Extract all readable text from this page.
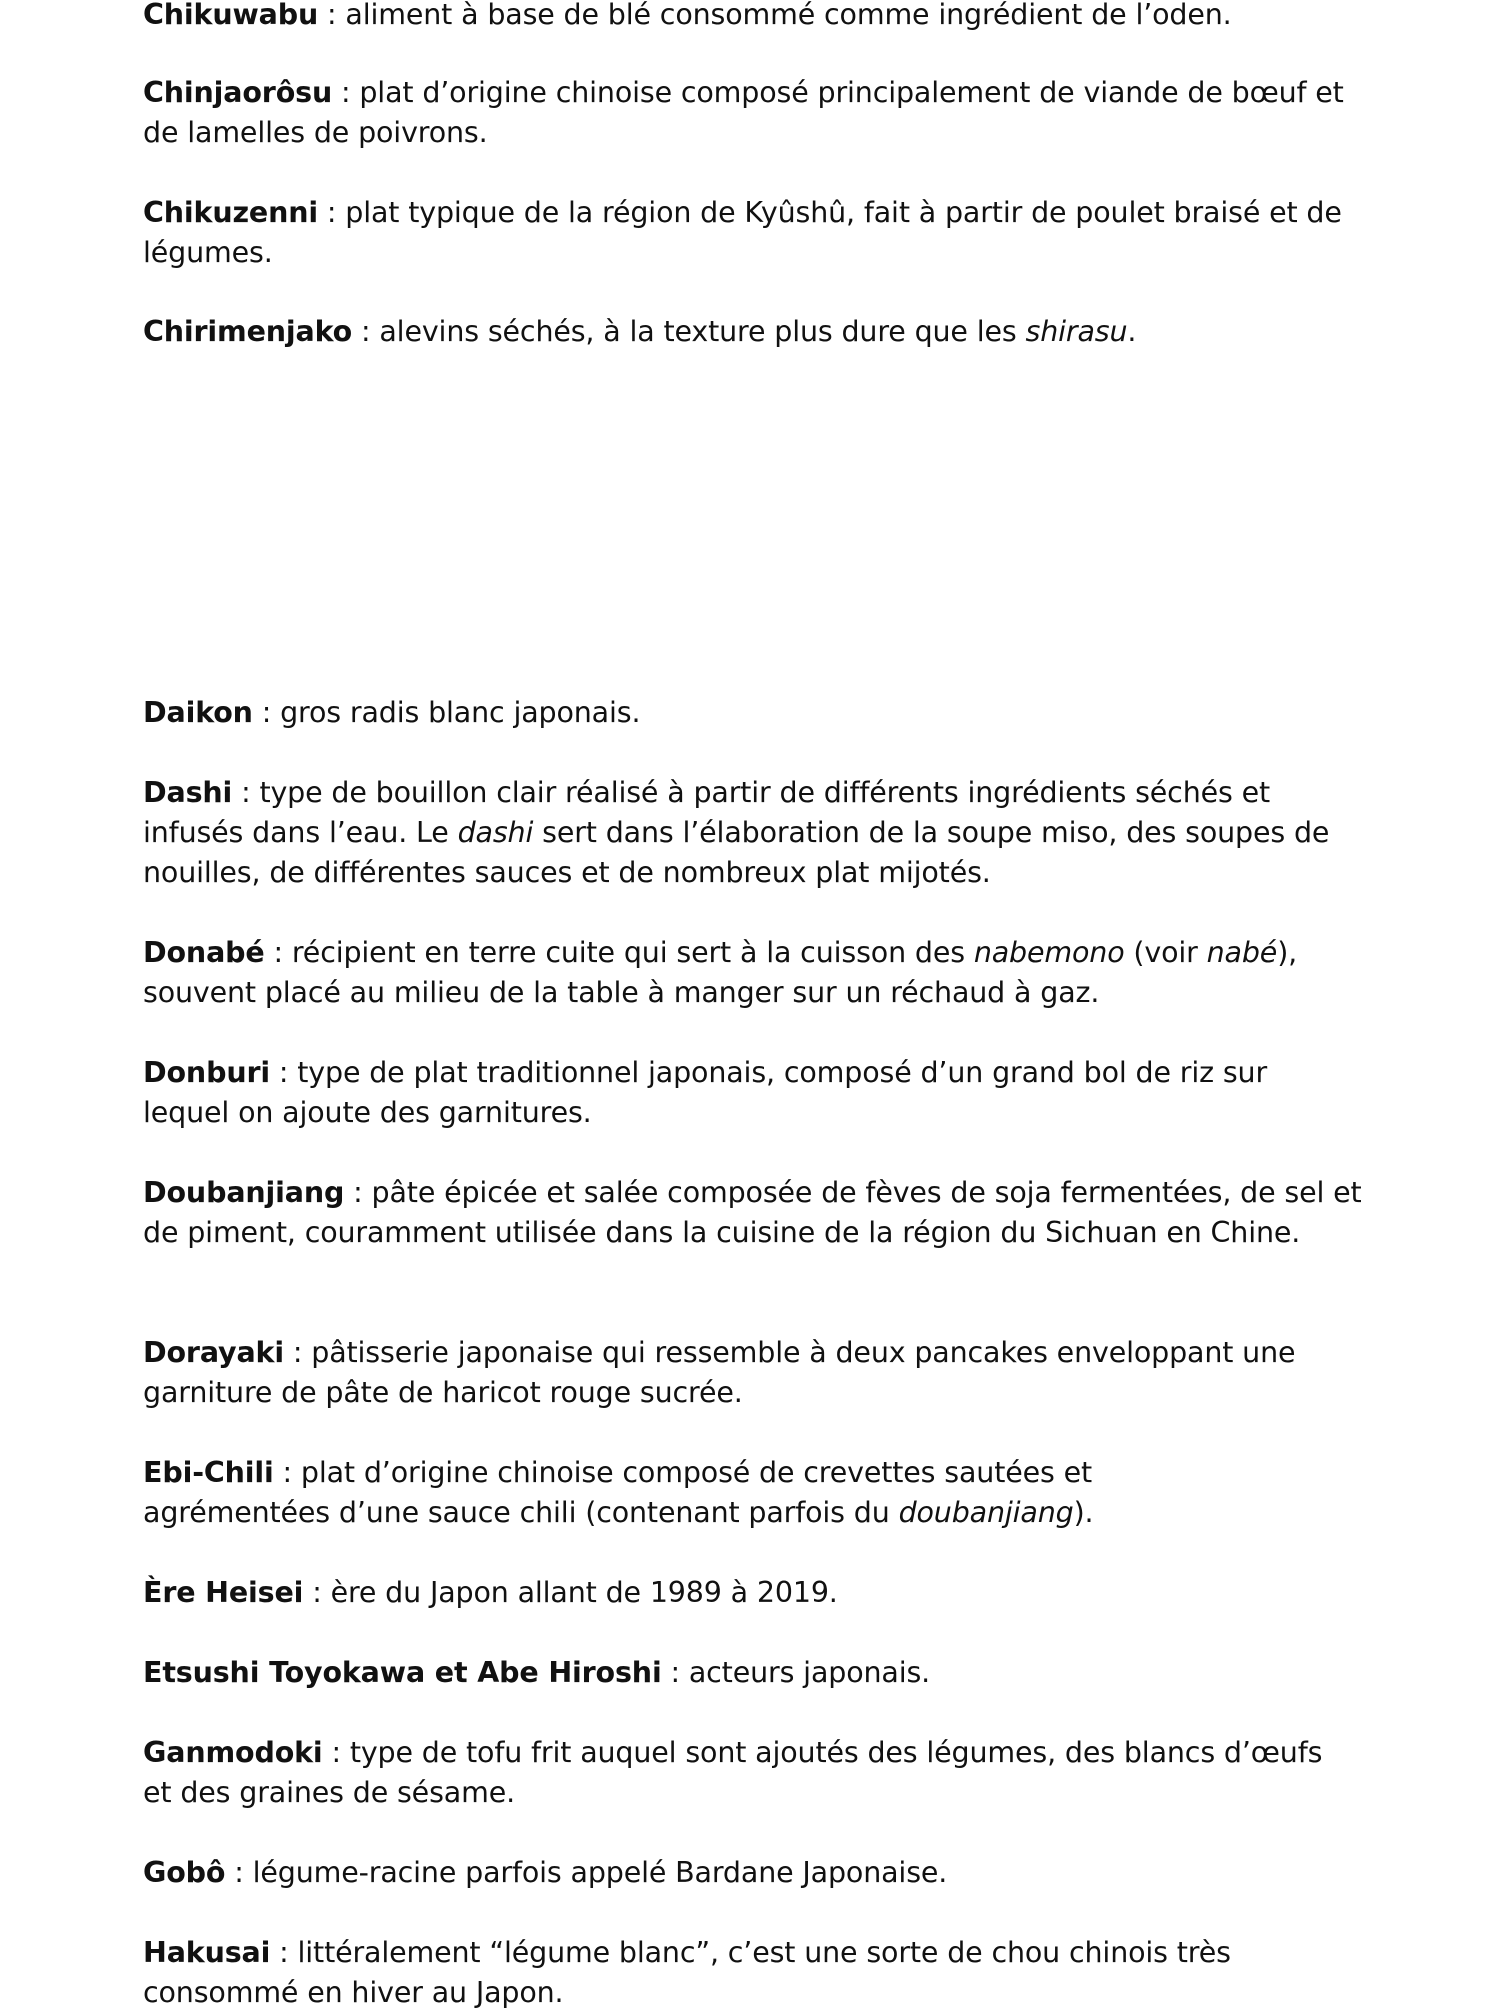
Chikuwabu : aliment à base de blé consommé comme ingrédient de l’oden.

Chinjaorôsu : plat d’origine chinoise composé principalement de viande de bœuf et de lamelles de poivrons.

Chikuzenni : plat typique de la région de Kyûshû, fait à partir de poulet braisé et de légumes.

Chirimenjako : alevins séchés, à la texture plus dure que les shirasu.

Daikon : gros radis blanc japonais.

Dashi : type de bouillon clair réalisé à partir de différents ingrédients séchés et infusés dans l’eau. Le dashi sert dans l’élaboration de la soupe miso, des soupes de nouilles, de différentes sauces et de nombreux plat mijotés.

Donabé : récipient en terre cuite qui sert à la cuisson des nabemono (voir nabé), souvent placé au milieu de la table à manger sur un réchaud à gaz.

Donburi : type de plat traditionnel japonais, composé d’un grand bol de riz sur lequel on ajoute des garnitures.

Doubanjiang : pâte épicée et salée composée de fèves de soja fermentées, de sel et de piment, couramment utilisée dans la cuisine de la région du Sichuan en Chine.

Dorayaki : pâtisserie japonaise qui ressemble à deux pancakes enveloppant une garniture de pâte de haricot rouge sucrée.

Ebi-Chili : plat d’origine chinoise composé de crevettes sautées et agrémentées d’une sauce chili (contenant parfois du doubanjiang).

Ère Heisei : ère du Japon allant de 1989 à 2019.

Etsushi Toyokawa et Abe Hiroshi : acteurs japonais.

Ganmodoki : type de tofu frit auquel sont ajoutés des légumes, des blancs d’œufs et des graines de sésame.

Gobô : légume-racine parfois appelé Bardane Japonaise.

Hakusai : littéralement “légume blanc”, c’est une sorte de chou chinois très consommé en hiver au Japon.
